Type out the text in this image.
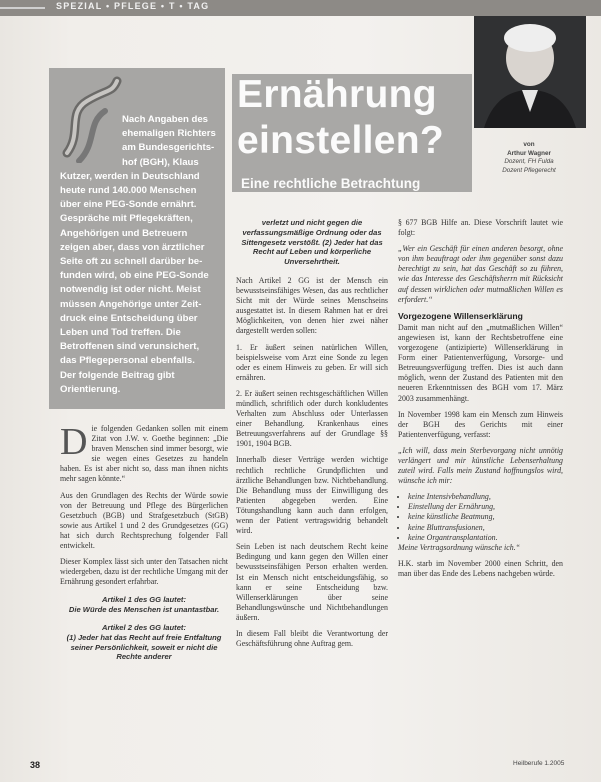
SPEZIAL • PFLEGE • T • TAG
Nach Angaben des
ehemaligen Richters
am Bundesgerichts-
hof (BGH), Klaus
Kutzer, werden in Deutschland
heute rund 140.000 Menschen
über eine PEG-Sonde ernährt.
Gespräche mit Pflegekräften,
Angehörigen und Betreuern
zeigen aber, dass von ärztlicher
Seite oft zu schnell darüber be-
funden wird, ob eine PEG-Sonde
notwendig ist oder nicht. Meist
müssen Angehörige unter Zeit-
druck eine Entscheidung über
Leben und Tod treffen. Die
Betroffenen sind verunsichert,
das Pflegepersonal ebenfalls.
Der folgende Beitrag gibt
Orientierung.
Ernährung
einstellen?
Eine rechtliche Betrachtung
von
Arthur Wagner
Dozent, FH Fulda
Dozent Pflegerecht
D ie folgenden Gedanken sollen mit einem Zitat von J.W. v. Goethe beginnen: „Die braven Menschen sind immer besorgt, wie sie wegen eines Gesetzes zu handeln haben. Es ist aber nicht so, dass man ihnen nichts mehr sagen könnte.“

Aus den Grundlagen des Rechts der Würde sowie von der Betreuung und Pflege des Bürgerlichen Gesetzbuch (BGB) und Strafgesetzbuch (StGB) sowie aus Artikel 1 und 2 des Grundgesetzes (GG) hat sich durch Rechtsprechung folgender Fall entwickelt.

Dieser Komplex lässt sich unter den Tatsachen nicht wiedergeben, dazu ist der rechtliche Umgang mit der Ernährung gesondert erfahrbar.

Artikel 1 des GG lautet:
Die Würde des Menschen ist unantastbar.
Artikel 2 des GG lautet:
(1) Jeder hat das Recht auf freie Entfaltung seiner Persönlichkeit, soweit er nicht die Rechte anderer
verletzt und nicht gegen die verfassungsmäßige Ordnung oder das Sittengesetz verstößt. (2) Jeder hat das Recht auf Leben und körperliche Unversehrtheit.

Nach Artikel 2 GG ist der Mensch ein bewusstseinsfähiges Wesen, das aus rechtlicher Sicht mit der Würde seines Menschseins ausgestattet ist. In diesem Rahmen hat er drei Möglichkeiten, von denen hier zwei näher dargestellt werden sollen:

1. Er äußert seinen natürlichen Willen, beispielsweise vom Arzt eine Sonde zu legen oder es einem Hinweis zu geben. Er will sich ernähren.

2. Er äußert seinen rechtsgeschäftlichen Willen mündlich, schriftlich oder durch konkludentes Verhalten zum Abschluss oder Unterlassen einer Behandlung. Krankenhaus eines Betreuungsverfahrens auf der Grundlage §§ 1901, 1904 BGB.

Innerhalb dieser Verträge werden wichtige rechtlich rechtliche Grundpflichten und ärztliche Behandlungen bzw. Nichtbehandlung. Die Behandlung muss der Einwilligung des Patienten abgegeben werden. Eine Tötungshandlung kann auch dann erfolgen, wenn der Patient vertragswidrig behandelt wird.

Sein Leben ist nach deutschem Recht keine Bedingung und kann gegen den Willen einer bewusstseinsfähigen Person erhalten werden. Ist ein Mensch nicht entscheidungsfähig, so kann er seine Entscheidung bzw. Willenserklärungen über seine Behandlungswünsche und Nichtbehandlungen äußern.

In diesem Fall bleibt die Verantwortung der Geschäftsführung ohne Auftrag gem.

§ 677 BGB Hilfe an. Diese Vorschrift lautet wie folgt:

„Wer ein Geschäft für einen anderen besorgt, ohne von ihm beauftragt oder ihm gegenüber sonst dazu berechtigt zu sein, hat das Geschäft so zu führen, wie das Interesse des Geschäftsherrn mit Rücksicht auf dessen wirklichen oder mutmaßlichen Willen es erfordert.“

Vorgezogene Willenserklärung

Damit man nicht auf den „mutmaßlichen Willen“ angewiesen ist, kann der Rechtsbetroffene eine vorgezogene (antizipierte) Willenserklärung in Form einer Patientenverfügung, Vorsorge- und Betreuungsverfügung treffen. Dies ist auch dann möglich, wenn der Zustand des Patienten mit den neueren Erkenntnissen des BGH vom 17. März 2003 zusammenhängt.

In November 1998 kam ein Mensch zum Hinweis der BGH des Gerichts mit einer Patientenverfügung, verfasst:

„Ich will, dass mein Sterbevorgang nicht unnötig verlängert und mir künstliche Lebenserhaltung zuteil wird. Falls mein Zustand hoffnungslos wird, wünsche ich mir:

• keine Intensivbehandlung,
• Einstellung der Ernährung,
• keine künstliche Beatmung,
• keine Bluttransfusionen,
• keine Organtransplantation.

Meine Vertragsordnung wünsche ich.“

H.K. starb im November 2000 einen Schritt, den man über das Ende des Lebens nachgeben würde.

38	Heilberufe 1.2005
